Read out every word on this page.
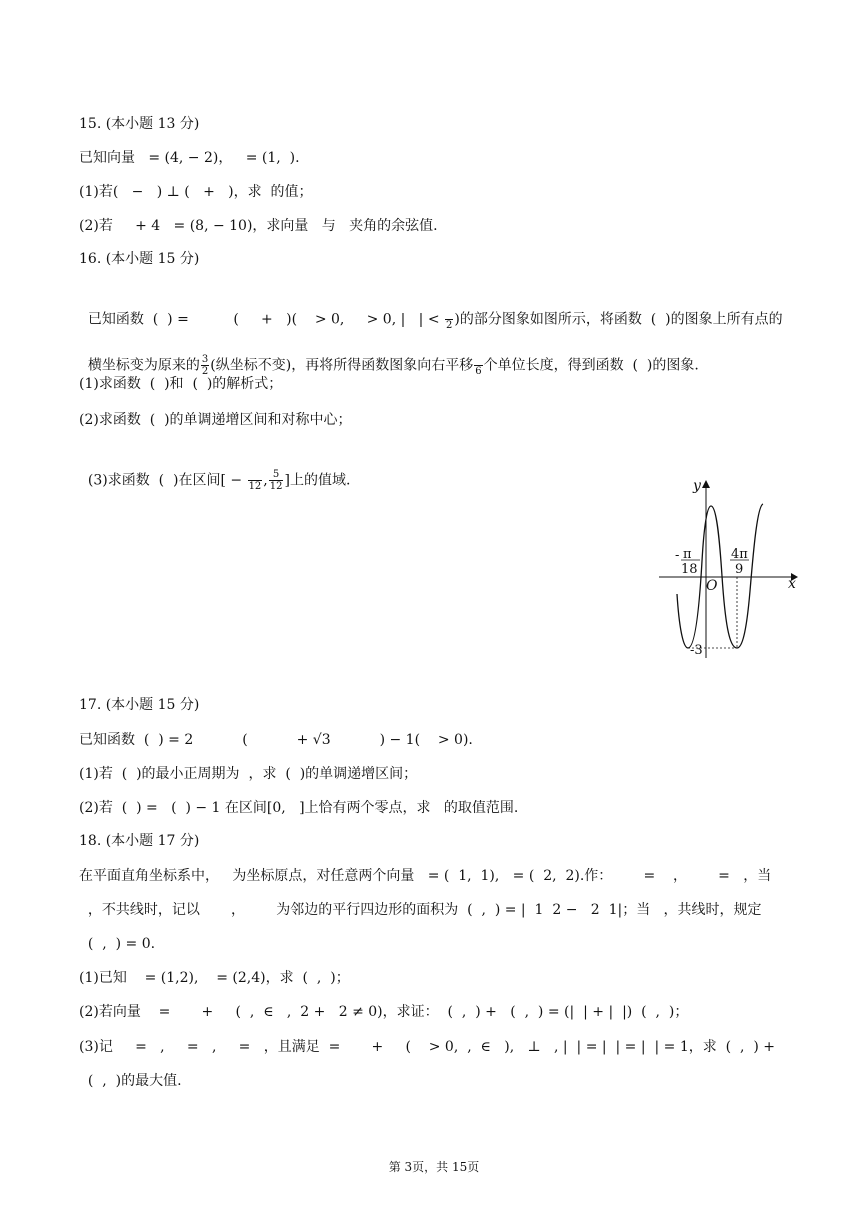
15. (本小题 13 分)
已知向量   = (4, − 2)，   = (1,  ).
(1)若(   −   ) ⊥ (   +   )，求  的值；
(2)若     + 4   = (8, − 10)，求向量   与   夹角的余弦值.
16. (本小题 15 分)

已知函数  (  ) =          (     +   )(    > 0,     > 0, |   | <
2 )的部分图象如图所示，将函数  (  )的图象上所有点的

横坐标变为原来的 $\frac{3}{2}$ (纵坐标不变)，再将所得函数图象向右平移
6 个单位长度，得到函数  (  )的图象.

(1)求函数  (  )和  (  )的解析式；
(2)求函数  (  )的单调递增区间和对称中心；

(3)求函数  (  )在区间[ −
12 , $\frac{5}{12}$ ]上的值域.	y
x
O
- π
18
4π
9
-3
17. (本小题 15 分)
已知函数  (  ) = 2           (           + √3           ) − 1(    > 0).
(1)若  (  )的最小正周期为  ，求  (  )的单调递增区间；
(2)若  (  ) =   (  ) − 1 在区间[0,   ]上恰有两个零点，求   的取值范围.
18. (本小题 17 分)
在平面直角坐标系中，   为坐标原点，对任意两个向量   = (  1,  1),   = (  2,  2).作：       =    ，       =   ，当
，不共线时，记以       ，       为邻边的平行四边形的面积为  (  ,  ) = |  1  2 −   2  1|；当   ，共线时，规定
(  ,  ) = 0.
(1)已知    = (1,2),    = (2,4)，求  (  ,  )；
(2)若向量    =       +     (  ,  ∈   ,  2 +   2 ≠ 0)，求证：  (  ,  ) +   (  ,  ) = (|  | + |  |)  (  ,  )；
(3)记     =   ,     =   ,     =   ，且满足  =       +     (    > 0,  ,  ∈   ),   ⊥   , |  | = |  | = |  | = 1，求  (  ,  ) +
(  ,  )的最大值.
第 3页，共 15页
